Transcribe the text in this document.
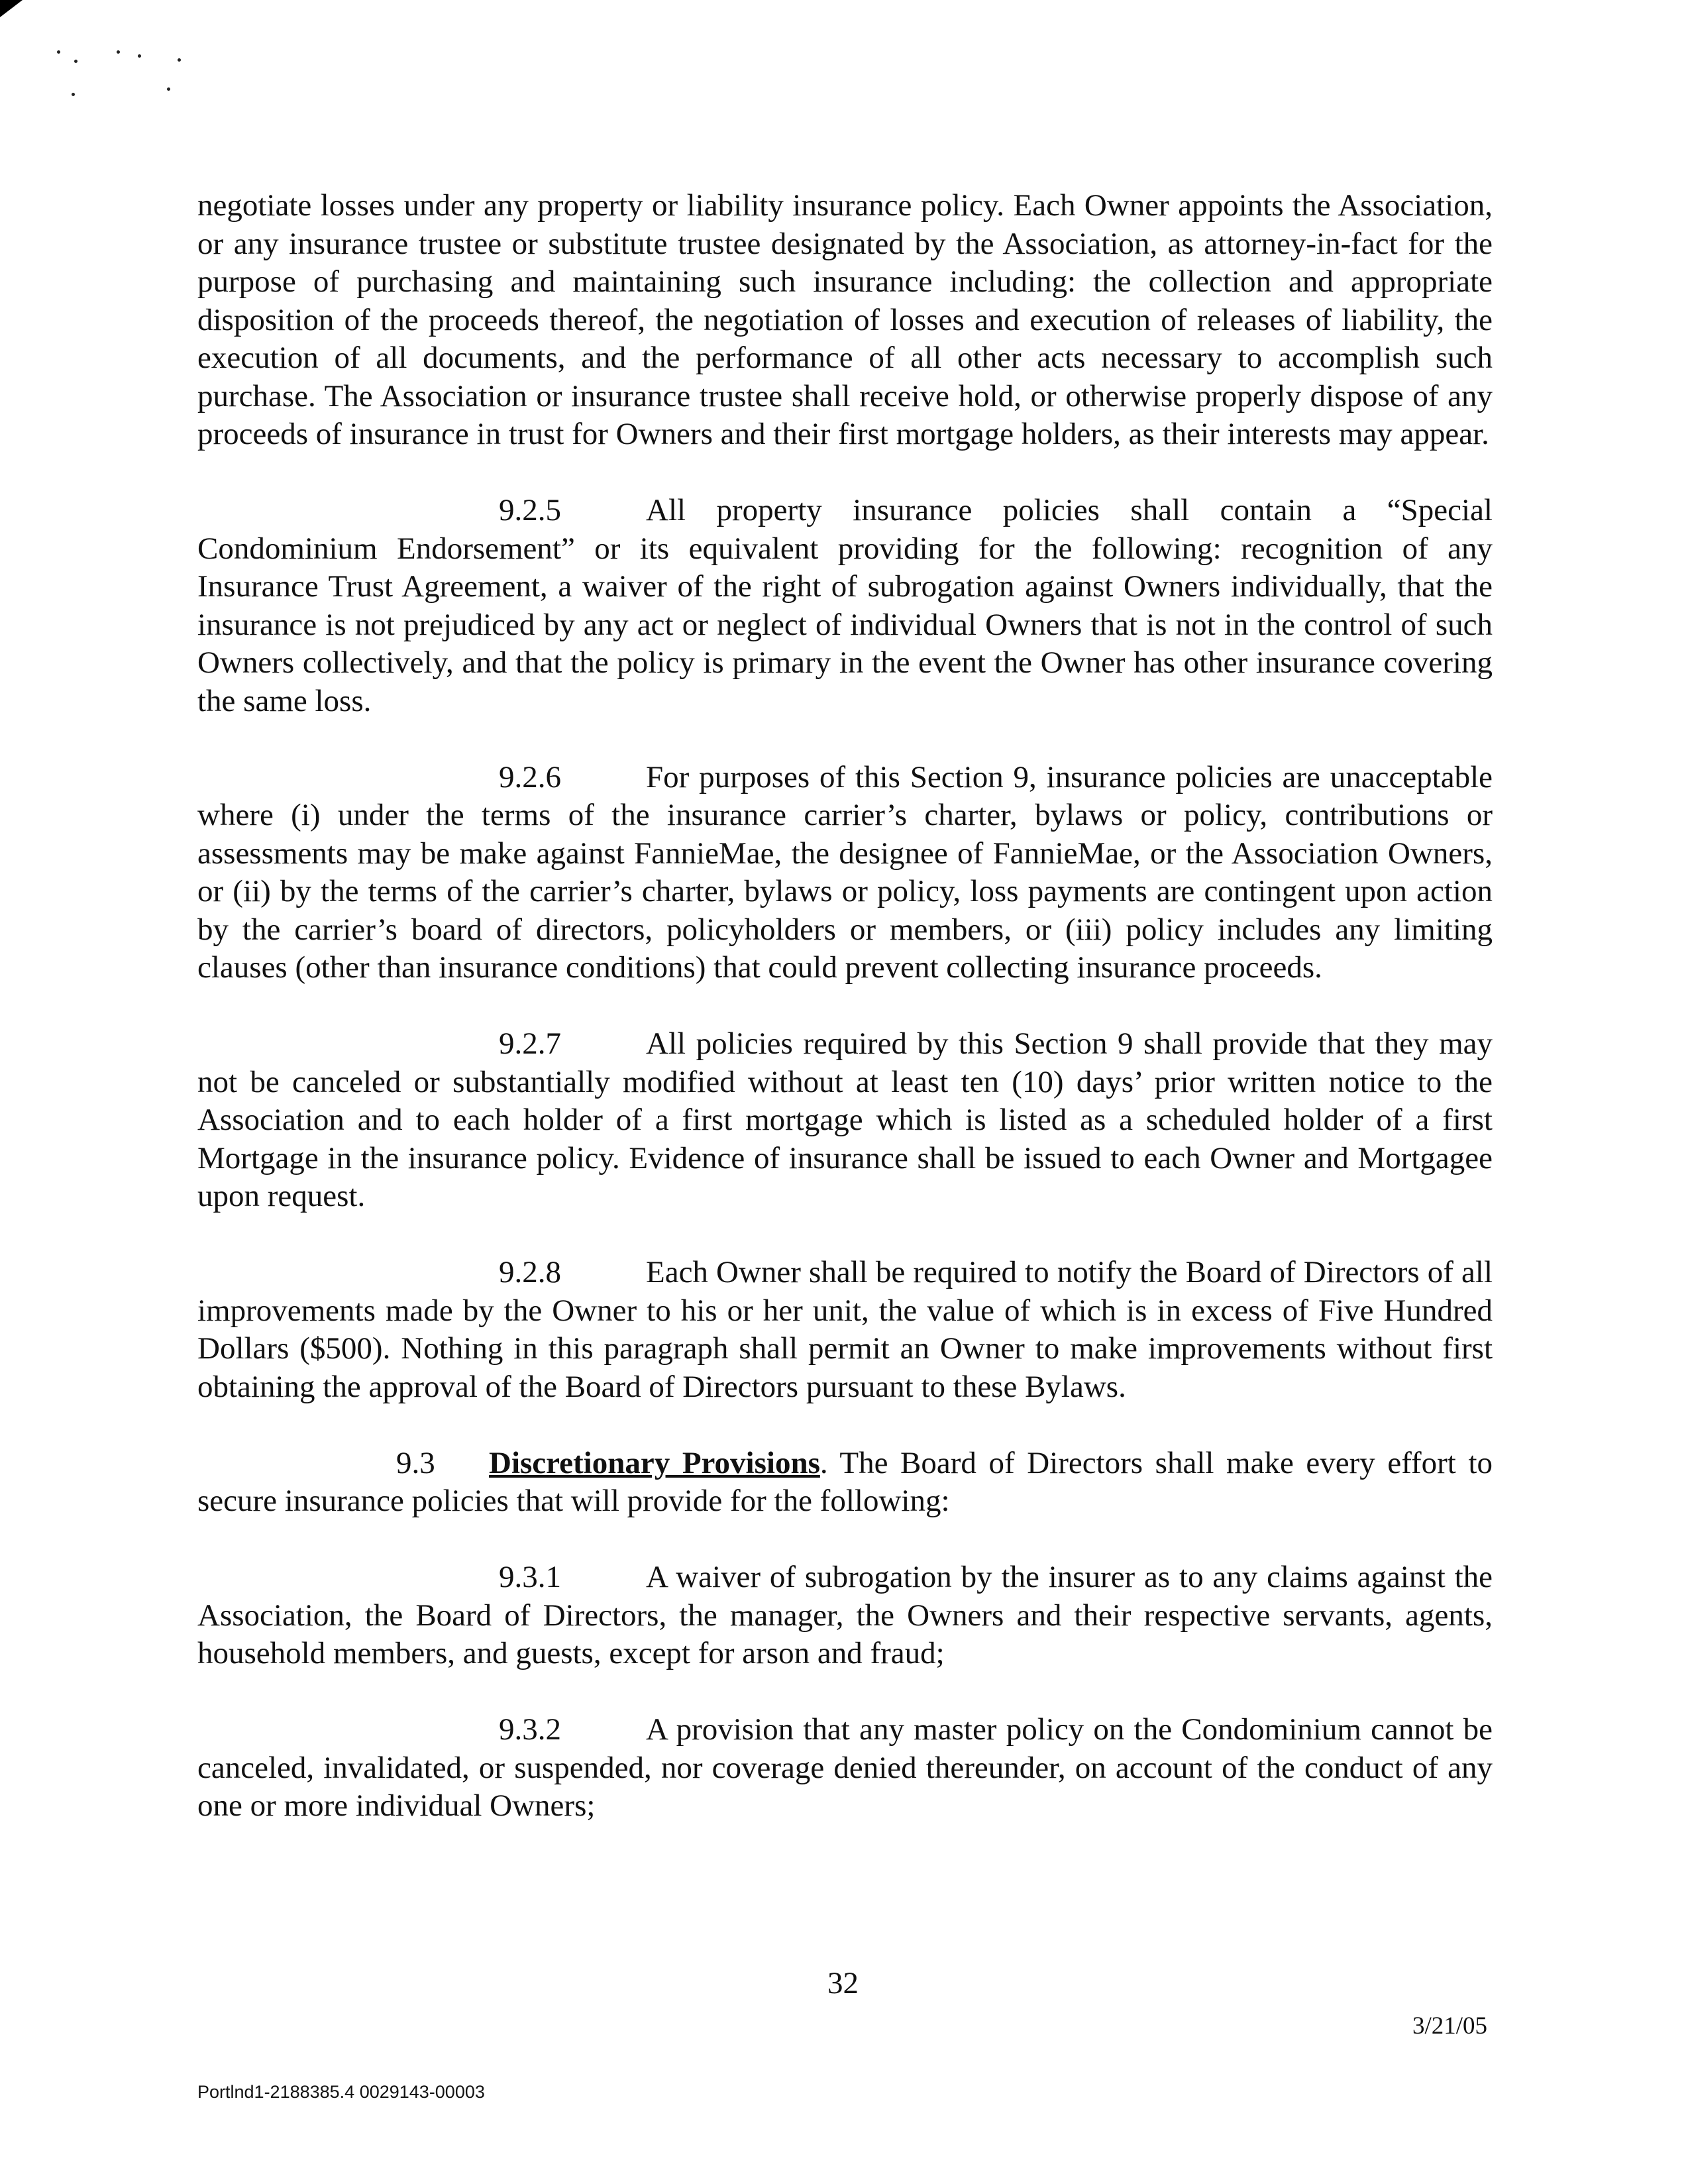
negotiate losses under any property or liability insurance policy. Each Owner appoints the Association, or any insurance trustee or substitute trustee designated by the Association, as attorney-in-fact for the purpose of purchasing and maintaining such insurance including: the collection and appropriate disposition of the proceeds thereof, the negotiation of losses and execution of releases of liability, the execution of all documents, and the performance of all other acts necessary to accomplish such purchase. The Association or insurance trustee shall receive hold, or otherwise properly dispose of any proceeds of insurance in trust for Owners and their first mortgage holders, as their interests may appear.

9.2.5	All property insurance policies shall contain a “Special Condominium Endorsement” or its equivalent providing for the following: recognition of any Insurance Trust Agreement, a waiver of the right of subrogation against Owners individually, that the insurance is not prejudiced by any act or neglect of individual Owners that is not in the control of such Owners collectively, and that the policy is primary in the event the Owner has other insurance covering the same loss.

9.2.6	For purposes of this Section 9, insurance policies are unacceptable where (i) under the terms of the insurance carrier’s charter, bylaws or policy, contributions or assessments may be make against FannieMae, the designee of FannieMae, or the Association Owners, or (ii) by the terms of the carrier’s charter, bylaws or policy, loss payments are contingent upon action by the carrier’s board of directors, policyholders or members, or (iii) policy includes any limiting clauses (other than insurance conditions) that could prevent collecting insurance proceeds.

9.2.7	All policies required by this Section 9 shall provide that they may not be canceled or substantially modified without at least ten (10) days’ prior written notice to the Association and to each holder of a first mortgage which is listed as a scheduled holder of a first Mortgage in the insurance policy. Evidence of insurance shall be issued to each Owner and Mortgagee upon request.

9.2.8	Each Owner shall be required to notify the Board of Directors of all improvements made by the Owner to his or her unit, the value of which is in excess of Five Hundred Dollars ($500). Nothing in this paragraph shall permit an Owner to make improvements without first obtaining the approval of the Board of Directors pursuant to these Bylaws.

9.3 Discretionary Provisions. The Board of Directors shall make every effort to secure insurance policies that will provide for the following:

9.3.1	A waiver of subrogation by the insurer as to any claims against the Association, the Board of Directors, the manager, the Owners and their respective servants, agents, household members, and guests, except for arson and fraud;

9.3.2	A provision that any master policy on the Condominium cannot be canceled, invalidated, or suspended, nor coverage denied thereunder, on account of the conduct of any one or more individual Owners;

32
3/21/05
Portlnd1-2188385.4 0029143-00003
